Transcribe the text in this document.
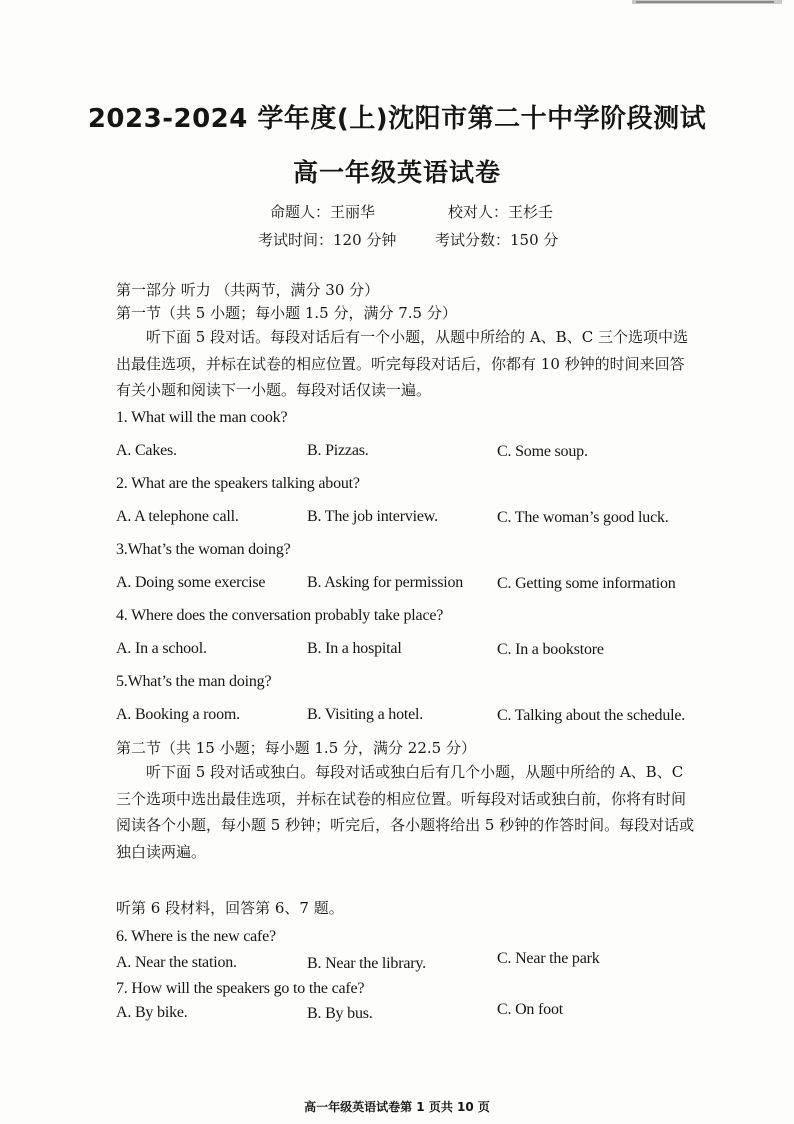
2023-2024 学年度(上)沈阳市第二十中学阶段测试
高一年级英语试卷
命题人：王丽华	校对人：王杉壬
考试时间：120 分钟	考试分数：150 分
第一部分 听力 （共两节，满分 30 分）
第一节（共 5 小题；每小题 1.5 分，满分 7.5 分）
听下面 5 段对话。每段对话后有一个小题，从题中所给的 A、B、C 三个选项中选出最佳选项，并标在试卷的相应位置。听完每段对话后，你都有 10 秒钟的时间来回答有关小题和阅读下一小题。每段对话仅读一遍。
1. What will the man cook?
A. Cakes.	B. Pizzas.	C. Some soup.
2. What are the speakers talking about?
A. A telephone call.	B. The job interview.	C. The woman’s good luck.
3.What’s the woman doing?
A. Doing some exercise	B. Asking for permission C. Getting some information
4. Where does the conversation probably take place?
A. In a school.	B. In a hospital	C. In a bookstore
5.What’s the man doing?
A. Booking a room.	B. Visiting a hotel.	C. Talking about the schedule.
第二节（共 15 小题；每小题 1.5 分，满分 22.5 分）
听下面 5 段对话或独白。每段对话或独白后有几个小题，从题中所给的 A、B、C 三个选项中选出最佳选项，并标在试卷的相应位置。听每段对话或独白前，你将有时间阅读各个小题，每小题 5 秒钟；听完后，各小题将给出 5 秒钟的作答时间。每段对话或独白读两遍。
听第 6 段材料，回答第 6、7 题。
6. Where is the new cafe?
A. Near the station.	B. Near the library.	C. Near the park
7. How will the speakers go to the cafe?
A. By bike.	B. By bus.	C. On foot
高一年级英语试卷第 1 页共 10 页
